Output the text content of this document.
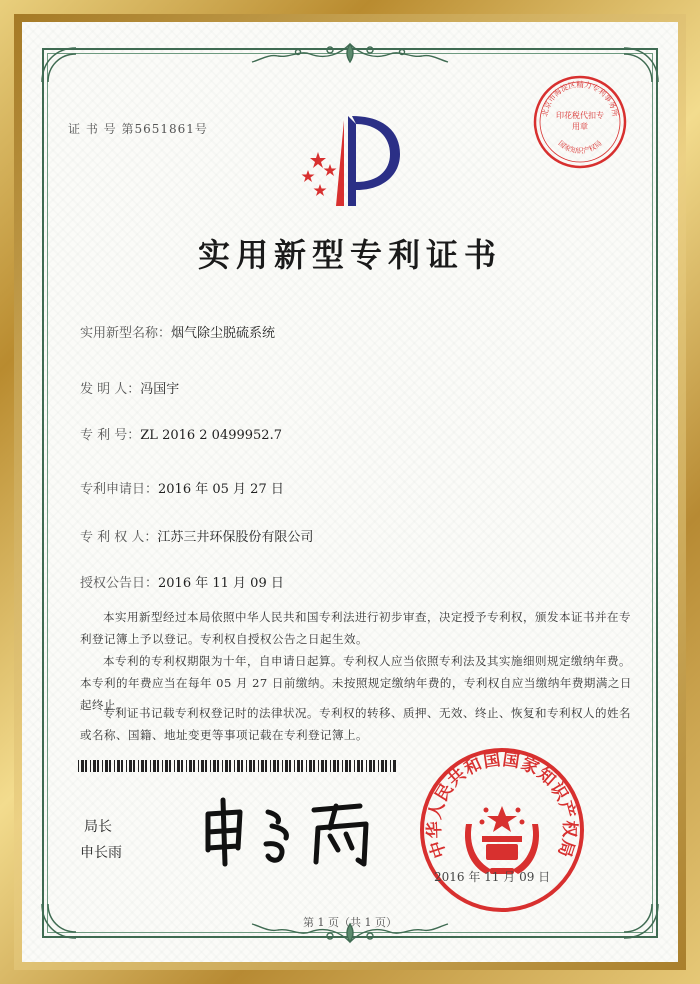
证 书 号 第5651861号
北京市海淀区精力专利事务所
印花税代扣专用章
国家知识产权局
实用新型专利证书
实用新型名称：烟气除尘脱硫系统
发 明 人：冯国宇
专 利 号：ZL 2016 2 0499952.7
专利申请日：2016 年 05 月 27 日
专 利 权 人：江苏三井环保股份有限公司
授权公告日：2016 年 11 月 09 日

本实用新型经过本局依照中华人民共和国专利法进行初步审查，决定授予专利权，颁发本证书并在专利登记簿上予以登记。专利权自授权公告之日起生效。

本专利的专利权期限为十年，自申请日起算。专利权人应当依照专利法及其实施细则规定缴纳年费。本专利的年费应当在每年 05 月 27 日前缴纳。未按照规定缴纳年费的，专利权自应当缴纳年费期满之日起终止。

专利证书记载专利权登记时的法律状况。专利权的转移、质押、无效、终止、恢复和专利权人的姓名或名称、国籍、地址变更等事项记载在专利登记簿上。

局长
申长雨	中华人民共和国国家知识产权局
2016 年 11 月 09 日
第 1 页（共 1 页）
